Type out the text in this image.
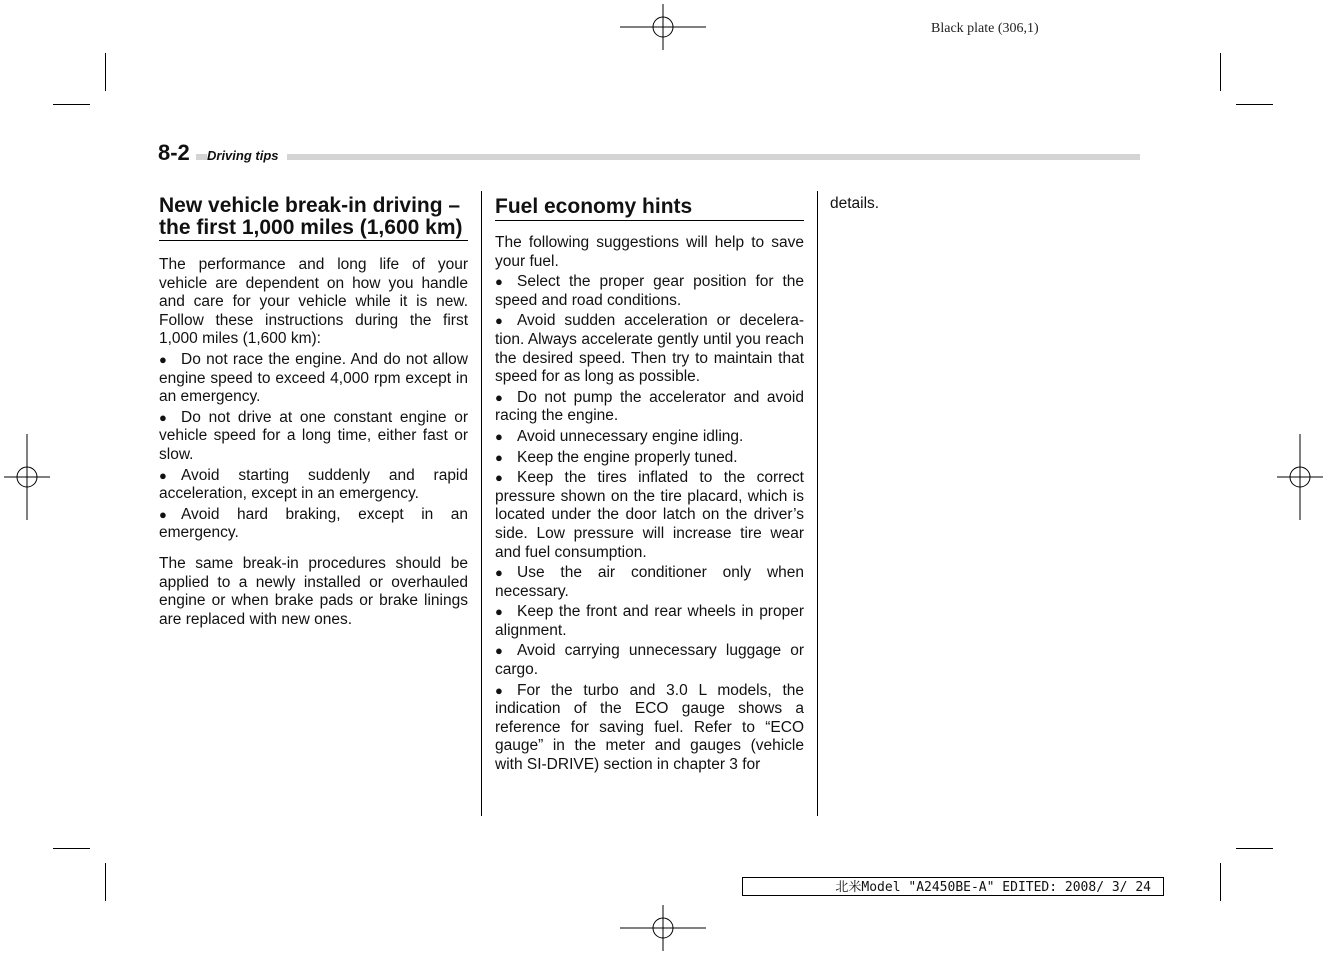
Black plate (306,1)
8-2	Driving tips
New vehicle break-in driving – the first 1,000 miles (1,600 km)

The performance and long life of your vehicle are dependent on how you handle and care for your vehicle while it is new. Follow these instructions during the first 1,000 miles (1,600 km):

● Do not race the engine. And do not allow engine speed to exceed 4,000 rpm except in an emergency.
● Do not drive at one constant engine or vehicle speed for a long time, either fast or slow.
● Avoid starting suddenly and rapid acceleration, except in an emergency.
● Avoid hard braking, except in an emergency.

The same break-in procedures should be applied to a newly installed or overhauled engine or when brake pads or brake linings are replaced with new ones.

Fuel economy hints

The following suggestions will help to save your fuel.

● Select the proper gear position for the speed and road conditions.
● Avoid sudden acceleration or decelera-tion. Always accelerate gently until you reach the desired speed. Then try to maintain that speed for as long as possible.
● Do not pump the accelerator and avoid racing the engine.
● Avoid unnecessary engine idling.
● Keep the engine properly tuned.
● Keep the tires inflated to the correct pressure shown on the tire placard, which is located under the door latch on the driver’s side. Low pressure will increase tire wear and fuel consumption.
● Use the air conditioner only when necessary.
● Keep the front and rear wheels in proper alignment.
● Avoid carrying unnecessary luggage or cargo.
● For the turbo and 3.0 L models, the indication of the ECO gauge shows a reference for saving fuel. Refer to “ECO gauge” in the meter and gauges (vehicle with SI-DRIVE) section in chapter 3 for

details.

北米Model "A2450BE-A" EDITED: 2008/ 3/ 24
